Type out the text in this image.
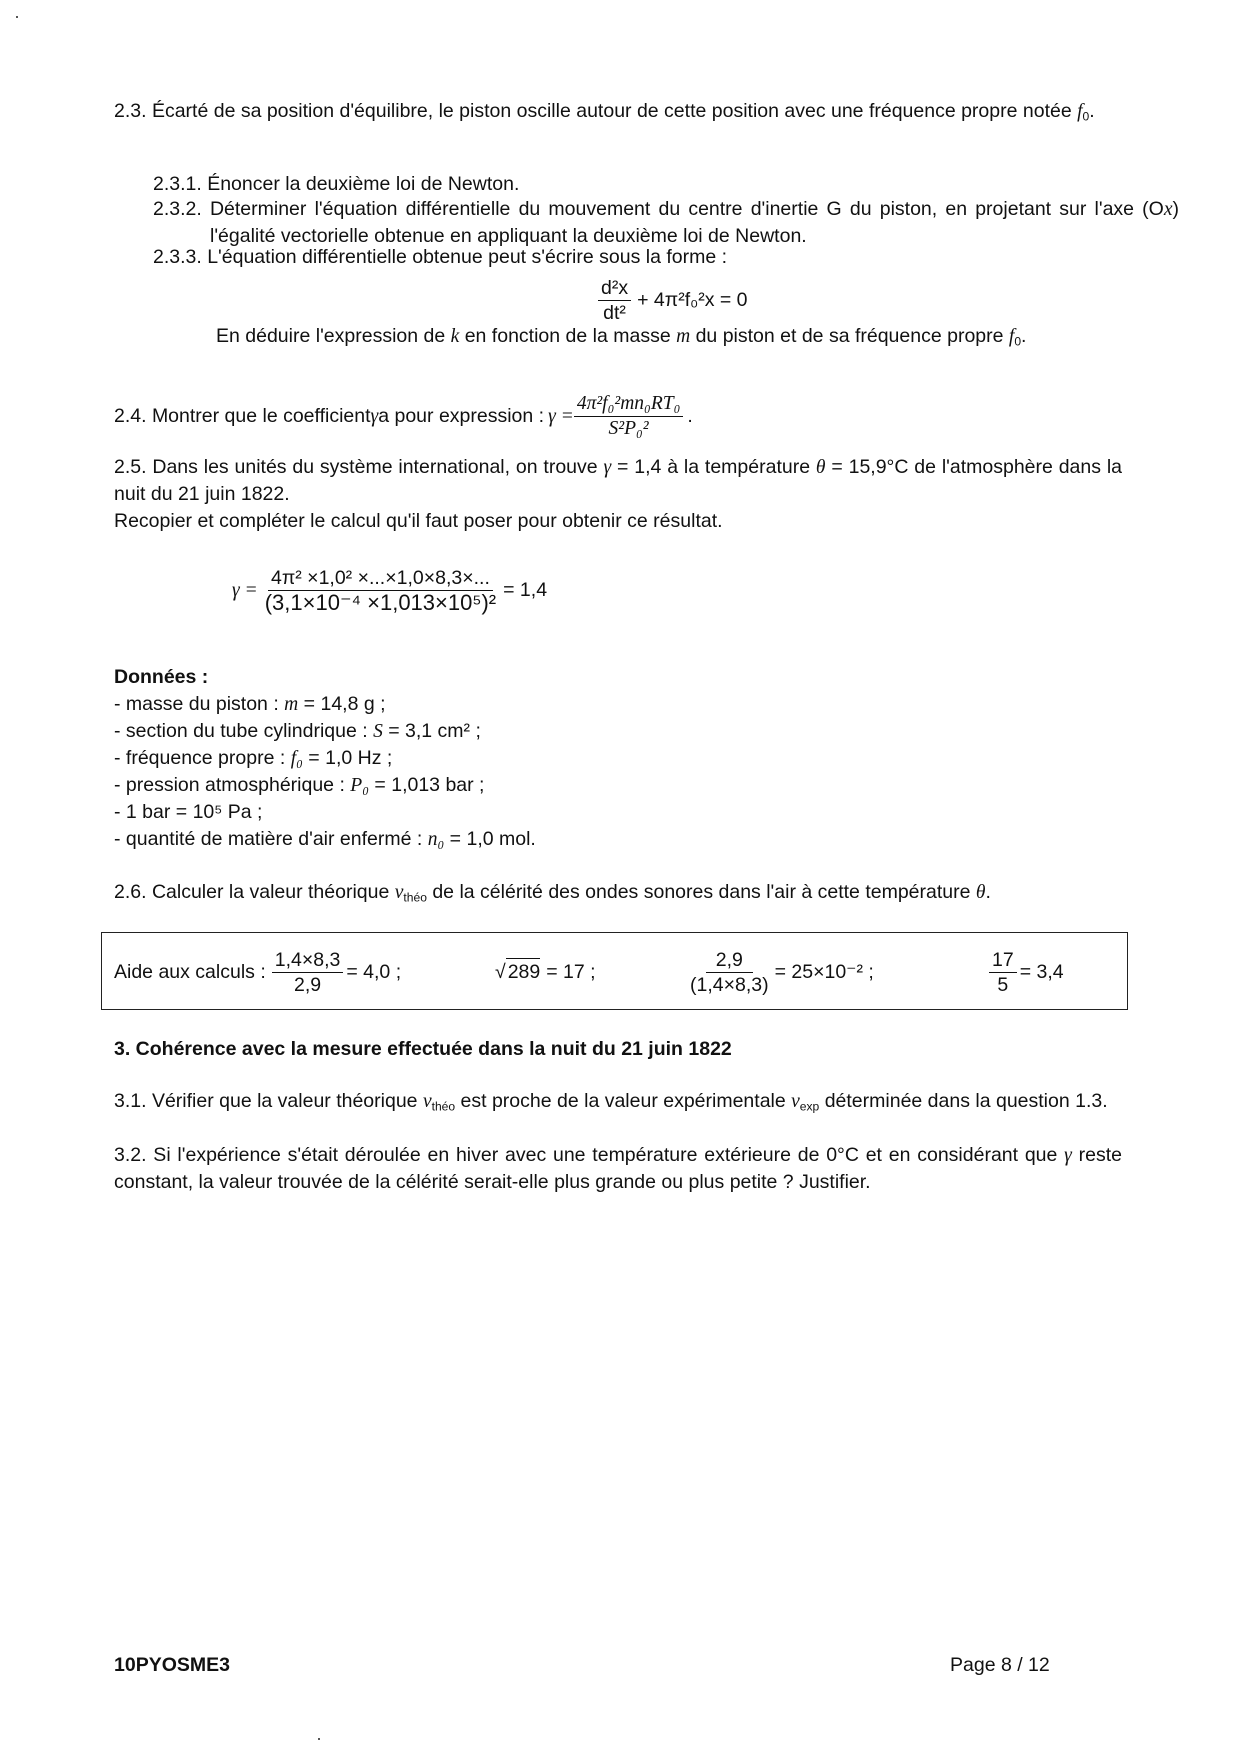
2.3. Écarté de sa position d'équilibre, le piston oscille autour de cette position avec une fréquence propre notée $f_0$.

2.3.1. Énoncer la deuxième loi de Newton.

2.3.2. Déterminer l'équation différentielle du mouvement du centre d'inertie G du piston, en projetant sur l'axe (Ox) l'égalité vectorielle obtenue en appliquant la deuxième loi de Newton.

2.3.3. L'équation différentielle obtenue peut s'écrire sous la forme :

$\frac{\text{d²x}}{\text{dt²}} + 4\pi^2f_0^2x = 0$

En déduire l'expression de k en fonction de la masse m du piston et de sa fréquence propre $f_0$.

2.4. Montrer que le coefficient γ a pour expression : $\gamma = \frac{\text{4π²f₀²mn₀RT₀}}{\text{S²P₀²}}$ .

2.5. Dans les unités du système international, on trouve γ = 1,4 à la température θ = 15,9°C de l'atmosphère dans la nuit du 21 juin 1822.

Recopier et compléter le calcul qu'il faut poser pour obtenir ce résultat.

$\gamma = \frac{\text{4π² ×1,0² ×...×1,0×8,3×...}}{\text{(3,1×10⁻⁴ ×1,013×10⁵)²}} = 1,4$

Données :

- masse du piston : m = 14,8 g ;

- section du tube cylindrique : S = 3,1 cm² ;

- fréquence propre : f₀ = 1,0 Hz ;

- pression atmosphérique : P₀ = 1,013 bar ;

- 1 bar = 10⁵ Pa ;

- quantité de matière d'air enfermé : n₀ = 1,0 mol.

2.6. Calculer la valeur théorique $v_{théo}$ de la célérité des ondes sonores dans l'air à cette température θ.

Aide aux calculs : $\frac{1,4\times 8,3}{2,9} = 4,0$ ;	√ 289 = 17 ;	$\frac{2,9}{(1,4\times 8,3)} = 25\times 10^{-2}$ ;	$\frac{17}{5} = 3,4$

3. Cohérence avec la mesure effectuée dans la nuit du 21 juin 1822

3.1. Vérifier que la valeur théorique $v_{théo}$ est proche de la valeur expérimentale $v_{exp}$ déterminée dans la question 1.3.

3.2. Si l'expérience s'était déroulée en hiver avec une température extérieure de 0°C et en considérant que γ reste constant, la valeur trouvée de la célérité serait-elle plus grande ou plus petite ? Justifier.

10PYOSME3	Page 8 / 12
